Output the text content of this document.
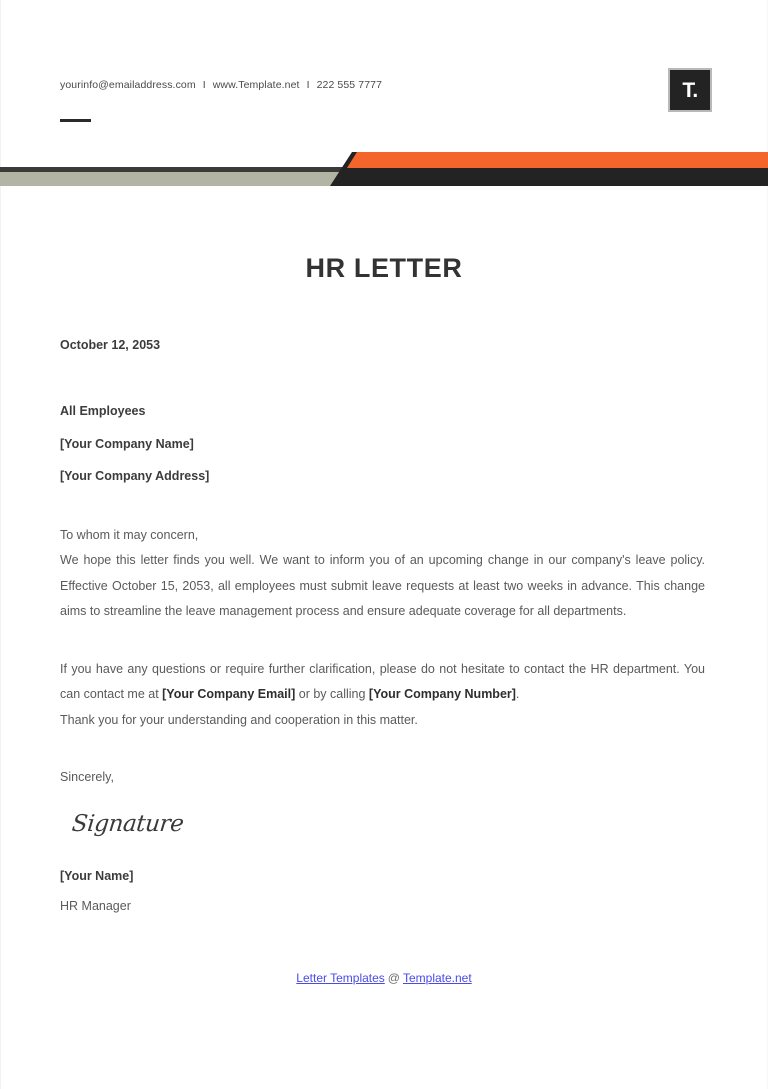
yourinfo@emailaddress.com I www.Template.net I 222 555 7777	T.
HR LETTER
October 12, 2053
All Employees
[Your Company Name]
[Your Company Address]
To whom it may concern,
We hope this letter finds you well. We want to inform you of an upcoming change in our company's leave policy. Effective October 15, 2053, all employees must submit leave requests at least two weeks in advance. This change aims to streamline the leave management process and ensure adequate coverage for all departments.
If you have any questions or require further clarification, please do not hesitate to contact the HR department. You can contact me at [Your Company Email] or by calling [Your Company Number].
Thank you for your understanding and cooperation in this matter.
Sincerely,
Signature
[Your Name]
HR Manager
Letter Templates @ Template.net
